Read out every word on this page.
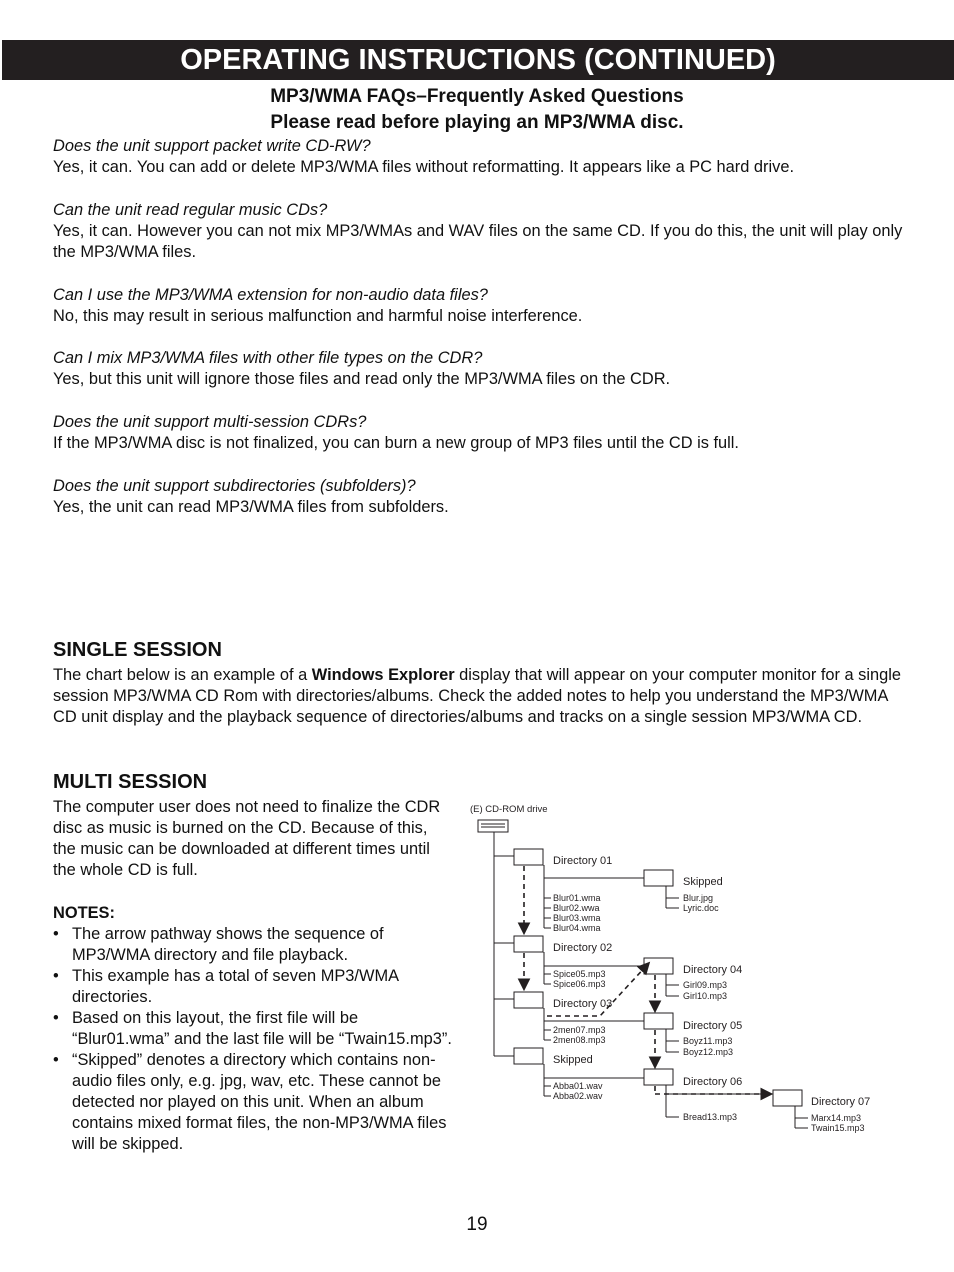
OPERATING INSTRUCTIONS (CONTINUED)
MP3/WMA FAQs–Frequently Asked Questions
Please read before playing an MP3/WMA disc.
Does the unit support packet write CD-RW?
Yes, it can. You can add or delete MP3/WMA files without reformatting. It appears like a PC hard drive.
Can the unit read regular music CDs?
Yes, it can. However you can not mix MP3/WMAs and WAV files on the same CD. If you do this, the unit will play only the MP3/WMA files.
Can I use the MP3/WMA extension for non-audio data files?
No, this may result in serious malfunction and harmful noise interference.
Can I mix MP3/WMA files with other file types on the CDR?
Yes, but this unit will ignore those files and read only the MP3/WMA files on the CDR.
Does the unit support multi-session CDRs?
If the MP3/WMA disc is not finalized, you can burn a new group of MP3 files until the CD is full.
Does the unit support subdirectories (subfolders)?
Yes, the unit can read MP3/WMA files from subfolders.
SINGLE SESSION
The chart below is an example of a Windows Explorer display that will appear on your computer monitor for a single session MP3/WMA CD Rom with directories/albums. Check the added notes to help you understand the MP3/WMA CD unit display and the playback sequence of directories/albums and tracks on a single session MP3/WMA CD.
MULTI SESSION
The computer user does not need to finalize the CDR disc as music is burned on the CD. Because of this, the music can be downloaded at different times until the whole CD is full.
NOTES:
• The arrow pathway shows the sequence of MP3/WMA directory and file playback.
• This example has a total of seven MP3/WMA directories.
• Based on this layout, the first file will be “Blur01.wma” and the last file will be “Twain15.mp3”.
• “Skipped” denotes a directory which contains non-audio files only, e.g. jpg, wav, etc. These cannot be detected nor played on this unit. When an album contains mixed format files, the non-MP3/WMA files will be skipped.
(E) CD-ROM drive
Directory 01
Blur01.wma
Blur02.wwa
Blur03.wma
Blur04.wma
Skipped
Blur.jpg
Lyric.doc
Directory 02
Spice05.mp3
Spice06.mp3
Directory 04
Girl09.mp3
Girl10.mp3
Directory 03
2men07.mp3
2men08.mp3
Directory 05
Boyz11.mp3
Boyz12.mp3
Skipped
Abba01.wav
Abba02.wav
Directory 06
Bread13.mp3
Directory 07
Marx14.mp3
Twain15.mp3
19
